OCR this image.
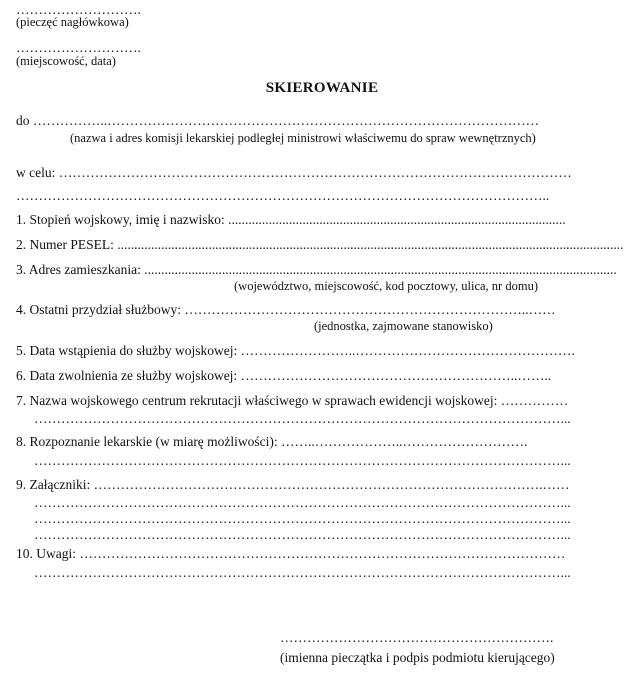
……………………….
(pieczęć nagłówkowa)
……………………….
(miejscowość, data)
SKIEROWANIE
do ……………..……………………………………………………………………………………
(nazwa i adres komisji lekarskiej podległej ministrowi właściwemu do spraw wewnętrznych)
w celu: ……………………………………………………………………………………………………
………………………………………………………………………………………………………..
1. Stopień wojskowy, imię i nazwisko: ....................................................................................................
2. Numer PESEL: ......................................................................................................................................................
3. Adres zamieszkania: ............................................................................................................................................
(województwo, miejscowość, kod pocztowy, ulica, nr domu)
4. Ostatni przydział służbowy: …………………………………………………………………..……
(jednostka, zajmowane stanowisko)
5. Data wstąpienia do służby wojskowej: ……………………..………………………………………….
6. Data zwolnienia ze służby wojskowej: ……………………………………………………..……..
7. Nazwa wojskowego centrum rekrutacji właściwego w sprawach ewidencji wojskowej: ……………
………………………………………………………………………………………………………...
8. Rozpoznanie lekarskie (w miarę możliwości): ……..………………..……………………….
………………………………………………………………………………………………………...
9. Załączniki: ……………………………………………………………………………………….……
………………………………………………………………………………………………………...
………………………………………………………………………………………………………...
………………………………………………………………………………………………………...
10. Uwagi: ………………………………………………………………………………………………
………………………………………………………………………………………………………...
…………………………………………………….
(imienna pieczątka i podpis podmiotu kierującego)
